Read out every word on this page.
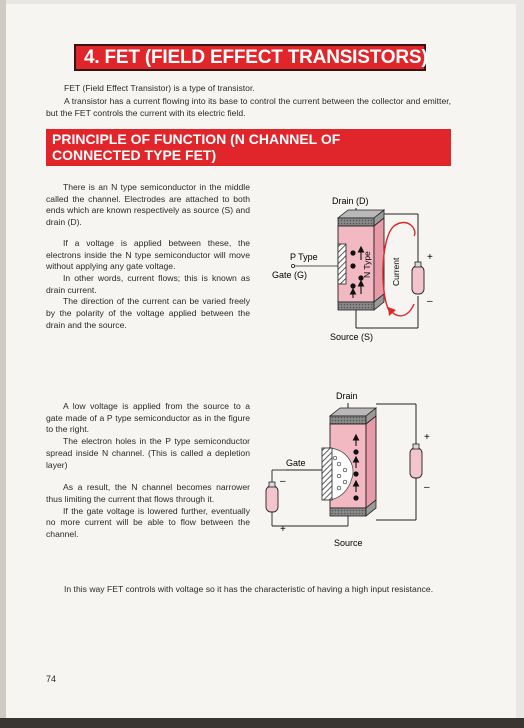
4. FET (FIELD EFFECT TRANSISTORS)

FET (Field Effect Transistor) is a type of transistor.

A transistor has a current flowing into its base to control the current between the collector and emitter, but the FET controls the current with its electric field.

PRINCIPLE OF FUNCTION (N CHANNEL OF
CONNECTED TYPE FET)

There is an N type semiconductor in the middle called the channel. Electrodes are attached to both ends which are known respectively as source (S) and drain (D).

If a voltage is applied between these, the electrons inside the N type semiconductor will move without applying any gate voltage.

In other words, current flows; this is known as drain current.

The direction of the current can be varied freely by the polarity of the voltage applied between the drain and the source.

A low voltage is applied from the source to a gate made of a P type semiconductor as in the figure to the right.

The electron holes in the P type semiconductor spread inside N channel. (This is called a depletion layer)

As a result, the N channel becomes narrower thus limiting the current that flows through it.

If the gate voltage is lowered further, eventually no more current will be able to flow between the channel.

Drain (D)
N Type
P Type
Gate (G)
+
–
Current
Source (S)
Drain
Gate
–
+
+
–
Source

In this way FET controls with voltage so it has the characteristic of having a high input resistance.

74
